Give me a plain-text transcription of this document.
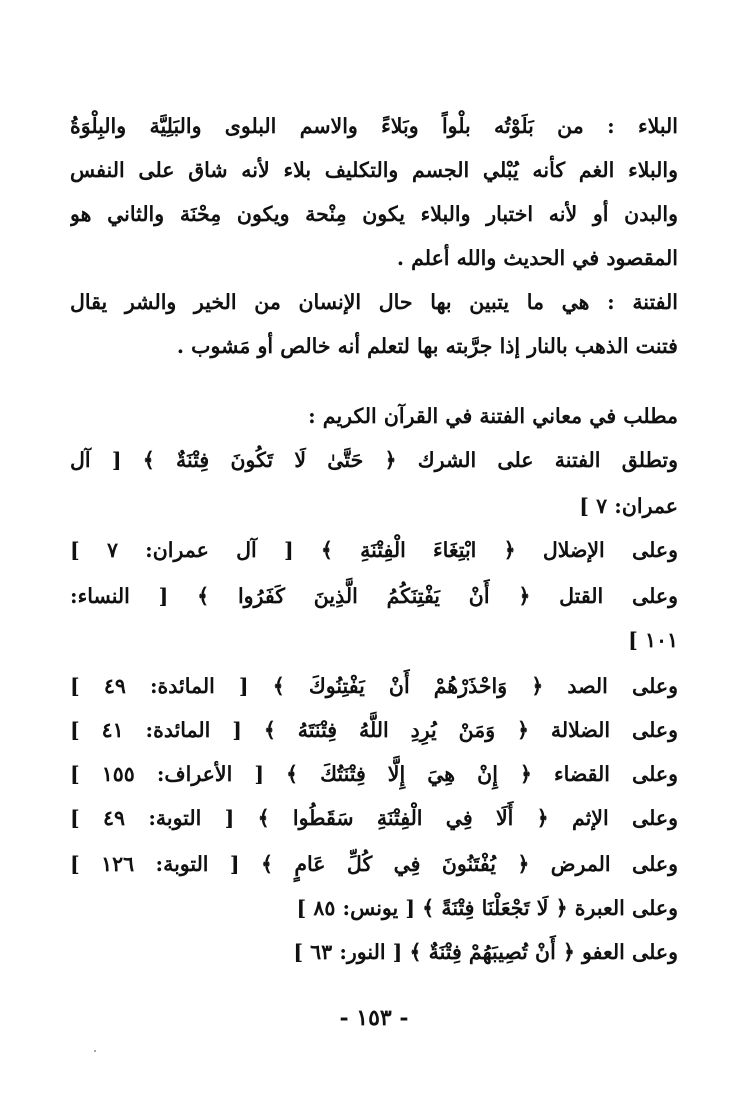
البلاء : من بَلَوْتُه بلْواً وبَلاءً والاسم البلوى والبَلِيَّة والبِلْوَةُ
والبلاء الغم كأنه يُبْلي الجسم والتكليف بلاء لأنه شاق على النفس
والبدن أو لأنه اختبار والبلاء يكون مِنْحة ويكون مِحْنَة والثاني هو
المقصود في الحديث والله أعلم .
الفتنة : هي ما يتبين بها حال الإنسان من الخير والشر يقال
فتنت الذهب بالنار إذا جرَّبته بها لتعلم أنه خالص أو مَشوب .
مطلب في معاني الفتنة في القرآن الكريم :
وتطلق الفتنة على الشرك ﴿ حَتَّىٰ لَا تَكُونَ فِتْنَةٌ ﴾ [ آل
عمران: ٧ ]
وعلى الإضلال ﴿ ابْتِغَاءَ الْفِتْنَةِ ﴾ [ آل عمران: ٧ ]
وعلى القتل ﴿ أَنْ يَفْتِنَكُمُ الَّذِينَ كَفَرُوا ﴾ [ النساء:
١٠١ ]
وعلى الصد ﴿ وَاحْذَرْهُمْ أَنْ يَفْتِنُوكَ ﴾ [ المائدة: ٤٩ ]
وعلى الضلالة ﴿ وَمَنْ يُرِدِ اللَّهُ فِتْنَتَهُ ﴾ [ المائدة: ٤١ ]
وعلى القضاء ﴿ إِنْ هِيَ إِلَّا فِتْنَتُكَ ﴾ [ الأعراف: ١٥٥ ]
وعلى الإثم ﴿ أَلَا فِي الْفِتْنَةِ سَقَطُوا ﴾ [ التوبة: ٤٩ ]
وعلى المرض ﴿ يُفْتَنُونَ فِي كُلِّ عَامٍ ﴾ [ التوبة: ١٢٦ ]
وعلى العبرة ﴿ لَا تَجْعَلْنَا فِتْنَةً ﴾ [ يونس: ٨٥ ]
وعلى العفو ﴿ أَنْ تُصِيبَهُمْ فِتْنَةٌ ﴾ [ النور: ٦٣ ]
- ١٥٣ -
